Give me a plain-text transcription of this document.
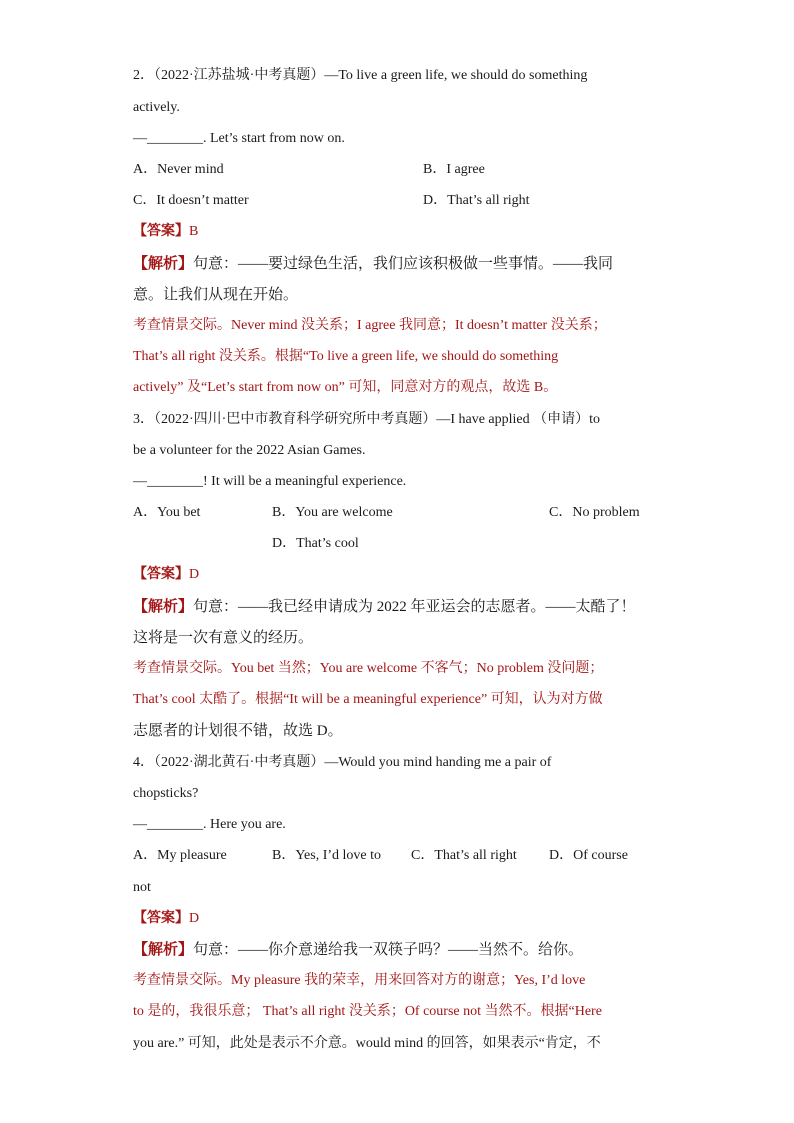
2．（2022·江苏盐城·中考真题）—To live a green life, we should do something
actively.
—________. Let’s start from now on.
A．Never mind	B．I agree
C．It doesn’t matter	D．That’s all right
【答案】B
【解析】句意：——要过绿色生活，我们应该积极做一些事情。——我同
意。让我们从现在开始。
考查情景交际。Never mind 没关系；I agree 我同意；It doesn’t matter 没关系；
That’s all right 没关系。根据“To live a green life, we should do something
actively” 及“Let’s start from now on” 可知，同意对方的观点，故选 B。
3．（2022·四川·巴中市教育科学研究所中考真题）—I have applied （申请）to
be a volunteer for the 2022 Asian Games.
—________! It will be a meaningful experience.
A．You bet	B．You are welcome	C．No problem
D．That’s cool
【答案】D
【解析】句意：——我已经申请成为 2022 年亚运会的志愿者。——太酷了！
这将是一次有意义的经历。
考查情景交际。You bet 当然；You are welcome 不客气；No problem 没问题；
That’s cool 太酷了。根据“It will be a meaningful experience” 可知，认为对方做
志愿者的计划很不错，故选 D。
4．（2022·湖北黄石·中考真题）—Would you mind handing me a pair of
chopsticks?
—________. Here you are.
A．My pleasure	B．Yes, I’d love to C．That’s all right D．Of course
not
【答案】D
【解析】句意：——你介意递给我一双筷子吗？——当然不。给你。
考查情景交际。My pleasure 我的荣幸，用来回答对方的谢意；Yes, I’d love
to 是的，我很乐意； That’s all right 没关系；Of course not 当然不。根据“Here
you are.” 可知，此处是表示不介意。would mind 的回答，如果表示“肯定，不
